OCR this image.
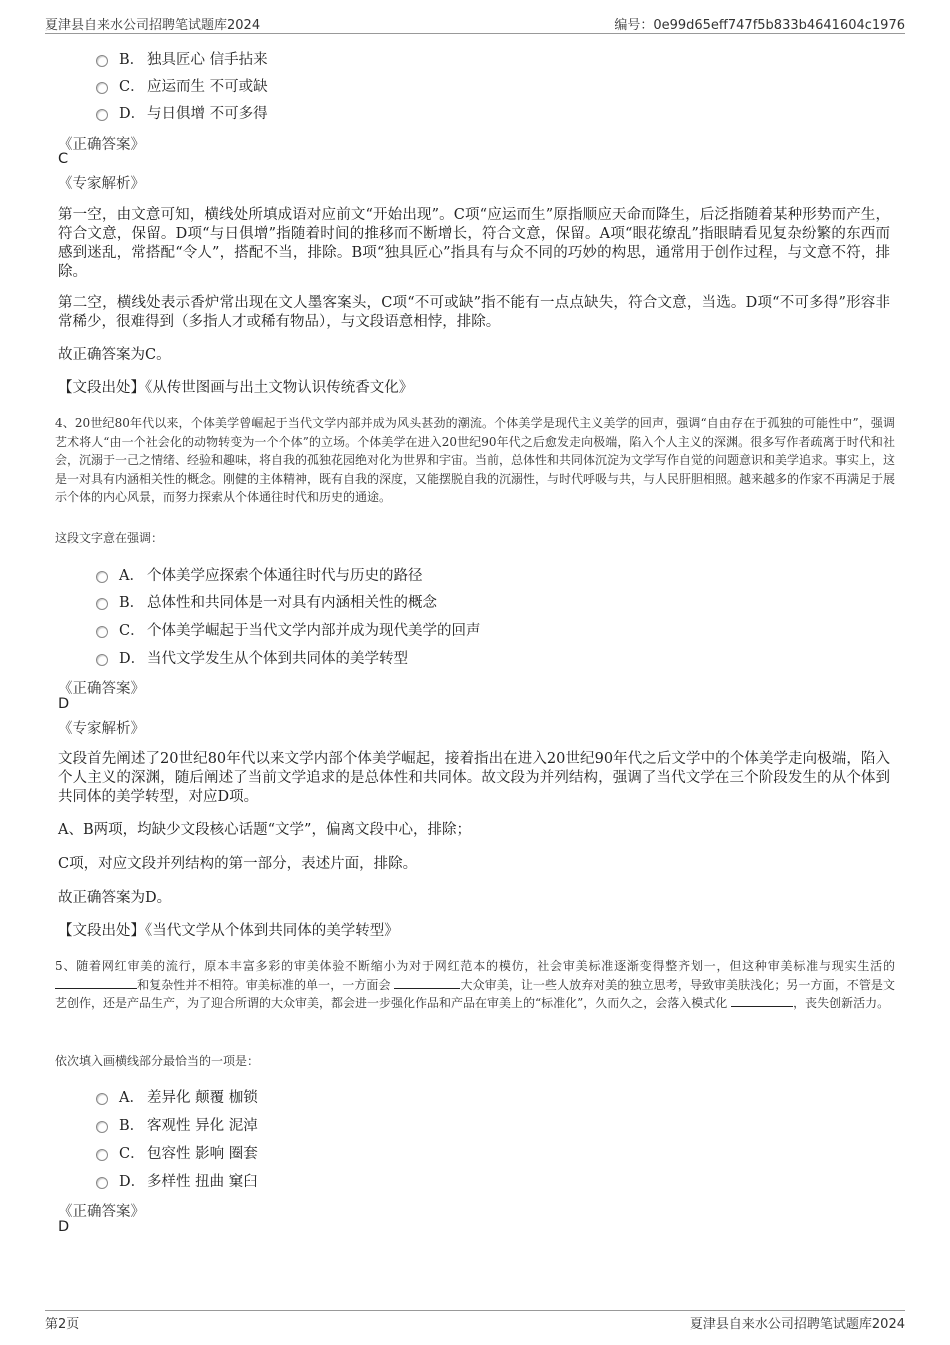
夏津县自来水公司招聘笔试题库2024	编号：0e99d65eff747f5b833b4641604c1976
B． 独具匠心 信手拈来
C． 应运而生 不可或缺
D． 与日俱增 不可多得
《正确答案》
C
《专家解析》
第一空，由文意可知，横线处所填成语对应前文“开始出现”。C项“应运而生”原指顺应天命而降生，后泛指随着某种形势而产生，符合文意，保留。D项“与日俱增”指随着时间的推移而不断增长，符合文意，保留。A项“眼花缭乱”指眼睛看见复杂纷繁的东西而感到迷乱，常搭配“令人”，搭配不当，排除。B项“独具匠心”指具有与众不同的巧妙的构思，通常用于创作过程，与文意不符，排除。
第二空，横线处表示香炉常出现在文人墨客案头，C项“不可或缺”指不能有一点点缺失，符合文意，当选。D项“不可多得”形容非常稀少，很难得到（多指人才或稀有物品），与文段语意相悖，排除。
故正确答案为C。
【文段出处】《从传世图画与出土文物认识传统香文化》
4、20世纪80年代以来，个体美学曾崛起于当代文学内部并成为风头甚劲的潮流。个体美学是现代主义美学的回声，强调“自由存在于孤独的可能性中”，强调艺术将人“由一个社会化的动物转变为一个个体”的立场。个体美学在进入20世纪90年代之后愈发走向极端，陷入个人主义的深渊。很多写作者疏离于时代和社会，沉溺于一己之情绪、经验和趣味，将自我的孤独花园绝对化为世界和宇宙。当前，总体性和共同体沉淀为文学写作自觉的问题意识和美学追求。事实上，这是一对具有内涵相关性的概念。刚健的主体精神，既有自我的深度，又能摆脱自我的沉溺性，与时代呼吸与共，与人民肝胆相照。越来越多的作家不再满足于展示个体的内心风景，而努力探索从个体通往时代和历史的通途。
这段文字意在强调：
A． 个体美学应探索个体通往时代与历史的路径
B． 总体性和共同体是一对具有内涵相关性的概念
C． 个体美学崛起于当代文学内部并成为现代美学的回声
D． 当代文学发生从个体到共同体的美学转型
《正确答案》
D
《专家解析》
文段首先阐述了20世纪80年代以来文学内部个体美学崛起，接着指出在进入20世纪90年代之后文学中的个体美学走向极端，陷入个人主义的深渊，随后阐述了当前文学追求的是总体性和共同体。故文段为并列结构，强调了当代文学在三个阶段发生的从个体到共同体的美学转型，对应D项。
A、B两项，均缺少文段核心话题“文学”，偏离文段中心，排除；
C项，对应文段并列结构的第一部分，表述片面，排除。
故正确答案为D。
【文段出处】《当代文学从个体到共同体的美学转型》
5、随着网红审美的流行，原本丰富多彩的审美体验不断缩小为对于网红范本的模仿，社会审美标准逐渐变得整齐划一，但这种审美标准与现实生活的 和复杂性并不相符。审美标准的单一，一方面会	大众审美，让一些人放弃对美的独立思考，导致审美肤浅化；另一方面，不管是文艺创作，还是产品生产，为了迎合所谓的大众审美，都会进一步强化作品和产品在审美上的“标准化”，久而久之，会落入模式化	，丧失创新活力。
依次填入画横线部分最恰当的一项是：
A． 差异化 颠覆 枷锁
B． 客观性 异化 泥淖
C． 包容性 影响 圈套
D． 多样性 扭曲 窠臼
《正确答案》
D
第2页	夏津县自来水公司招聘笔试题库2024
